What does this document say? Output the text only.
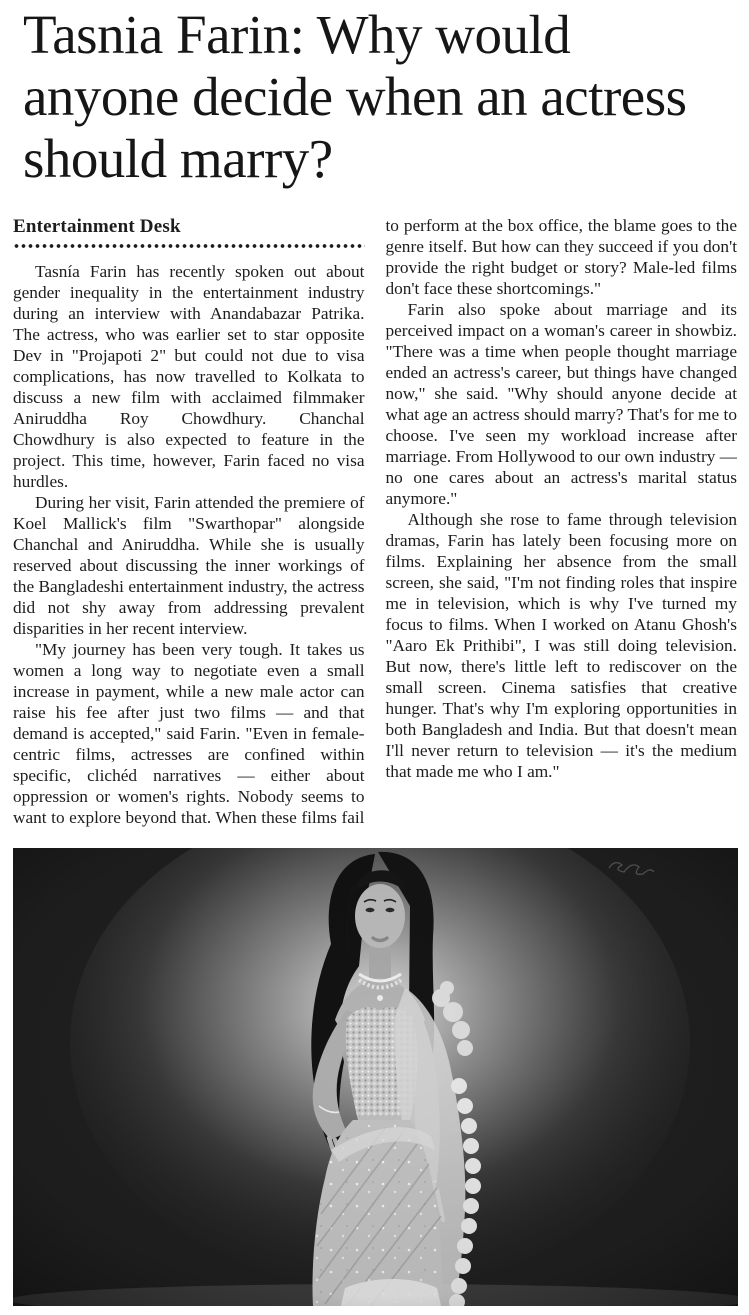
Tasnia Farin: Why would anyone decide when an actress should marry?
Entertainment Desk

Tasnía Farin has recently spoken out about gender inequality in the entertainment industry during an interview with Anandabazar Patrika. The actress, who was earlier set to star opposite Dev in "Projapoti 2" but could not due to visa complications, has now travelled to Kolkata to discuss a new film with acclaimed filmmaker Aniruddha Roy Chowdhury. Chanchal Chowdhury is also expected to feature in the project. This time, however, Farin faced no visa hurdles.

During her visit, Farin attended the premiere of Koel Mallick's film "Swarthopar" alongside Chanchal and Aniruddha. While she is usually reserved about discussing the inner workings of the Bangladeshi entertainment industry, the actress did not shy away from addressing prevalent disparities in her recent interview.

"My journey has been very tough. It takes us women a long way to negotiate even a small increase in payment, while a new male actor can raise his fee after just two films — and that demand is accepted," said Farin. "Even in female-centric films, actresses are confined within specific, clichéd narratives — either about oppression or women's rights. Nobody seems to want to explore beyond that. When these films fail to perform at the box office, the blame goes to the genre itself. But how can they succeed if you don't provide the right budget or story? Male-led films don't face these shortcomings."

Farin also spoke about marriage and its perceived impact on a woman's career in showbiz. "There was a time when people thought marriage ended an actress's career, but things have changed now," she said. "Why should anyone decide at what age an actress should marry? That's for me to choose. I've seen my workload increase after marriage. From Hollywood to our own industry — no one cares about an actress's marital status anymore."

Although she rose to fame through television dramas, Farin has lately been focusing more on films. Explaining her absence from the small screen, she said, "I'm not finding roles that inspire me in television, which is why I've turned my focus to films. When I worked on Atanu Ghosh's "Aaro Ek Prithibi", I was still doing television. But now, there's little left to rediscover on the small screen. Cinema satisfies that creative hunger. That's why I'm exploring opportunities in both Bangladesh and India. But that doesn't mean I'll never return to television — it's the medium that made me who I am."
